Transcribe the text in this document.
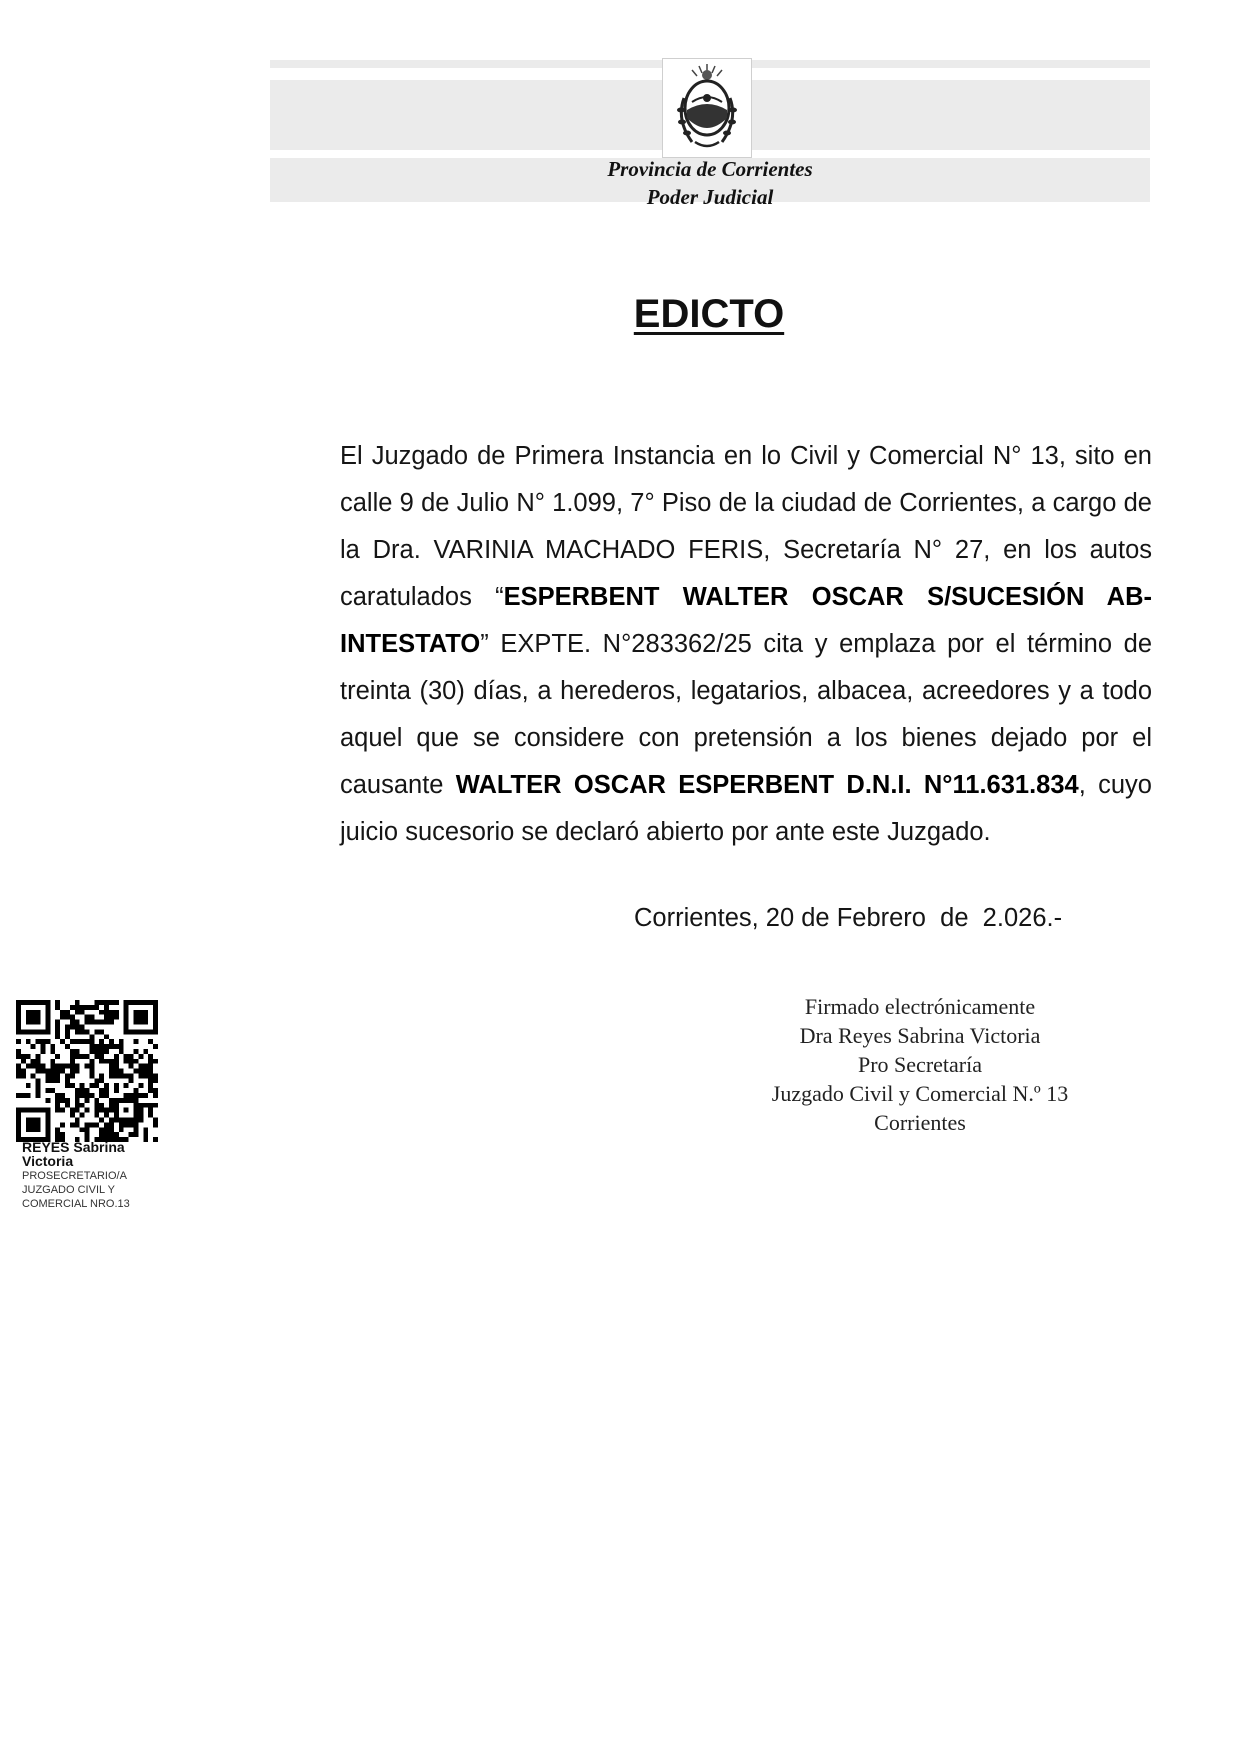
Provincia de Corrientes
Poder Judicial
EDICTO
El Juzgado de Primera Instancia en lo Civil y Comercial N° 13, sito en calle 9 de Julio N° 1.099, 7° Piso de la ciudad de Corrientes, a cargo de la Dra. VARINIA MACHADO FERIS, Secretaría N° 27, en los autos caratulados “ESPERBENT WALTER OSCAR S/SUCESIÓN AB-INTESTATO” EXPTE. N°283362/25 cita y emplaza por el término de treinta (30) días, a herederos, legatarios, albacea, acreedores y a todo aquel que se considere con pretensión a los bienes dejado por el causante WALTER OSCAR ESPERBENT D.N.I. N°11.631.834, cuyo juicio sucesorio se declaró abierto por ante este Juzgado.
Corrientes, 20 de Febrero  de  2.026.-
Firmado electrónicamente
Dra Reyes Sabrina Victoria
Pro Secretaría
Juzgado Civil y Comercial N.º 13
Corrientes
REYES Sabrina Victoria
PROSECRETARIO/A JUZGADO CIVIL Y COMERCIAL NRO.13
